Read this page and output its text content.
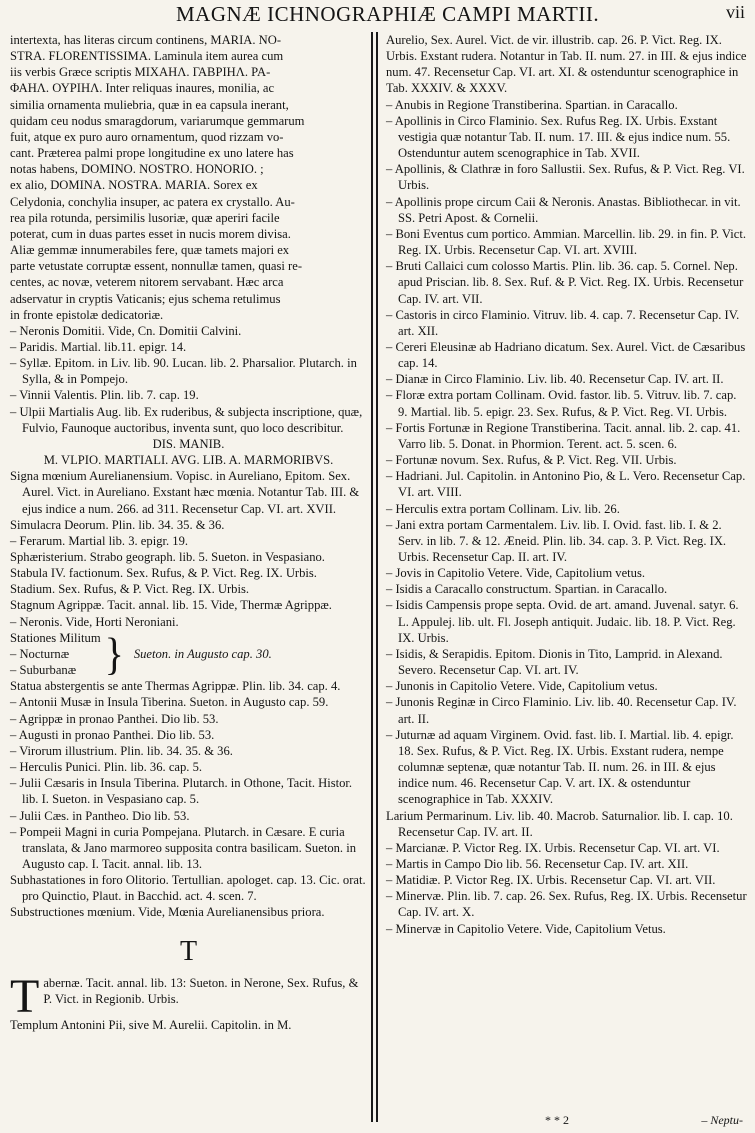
MAGNÆ ICHNOGRAPHIÆ CAMPI MARTII.	vii
intertexta, has literas circum continens, MARIA. NO-
STRA. FLORENTISSIMA. Laminula item aurea cum
iis verbis Græce scriptis ΜΙΧΑΗΛ. ΓΑΒΡΙΗΛ. ΡΑ-
ΦΑΗΛ. ΟΥΡΙΗΛ. Inter reliquas inaures, monilia, ac
similia ornamenta muliebria, quæ in ea capsula inerant,
quidam ceu nodus smaragdorum, variarumque gemmarum
fuit, atque ex puro auro ornamentum, quod rizzam vo-
cant. Præterea palmi prope longitudine ex uno latere has
notas habens, DOMINO. NOSTRO. HONORIO. ;
ex alio, DOMINA. NOSTRA. MARIA. Sorex ex
Celydonia, conchylia insuper, ac patera ex crystallo. Au-
rea pila rotunda, persimilis lusoriæ, quæ aperiri facile
poterat, cum in duas partes esset in nucis morem divisa.
Aliæ gemmæ innumerabiles fere, quæ tamets majori ex
parte vetustate corruptæ essent, nonnullæ tamen, quasi re-
centes, ac novæ, veterem nitorem servabant. Hæc arca
adservatur in cryptis Vaticanis; ejus schema retulimus
in fronte epistolæ dedicatoriæ.
– Neronis Domitii. Vide, Cn. Domitii Calvini.
– Paridis. Martial. lib.11. epigr. 14.
– Syllæ. Epitom. in Liv. lib. 90. Lucan. lib. 2. Pharsalior. Plutarch. in Sylla, & in Pompejo.
– Vinnii Valentis. Plin. lib. 7. cap. 19.
– Ulpii Martialis Aug. lib. Ex ruderibus, & subjecta inscriptione, quæ, Fulvio, Faunoque auctoribus, inventa sunt, quo loco describitur.
DIS. MANIB.
M. VLPIO. MARTIALI. AVG. LIB. A. MARMORIBVS.
Signa mœnium Aurelianensium. Vopisc. in Aureliano, Epitom. Sex. Aurel. Vict. in Aureliano. Exstant hæc mœnia. Notantur Tab. III. & ejus indice a num. 266. ad 311. Recensetur Cap. VI. art. XVII.
Simulacra Deorum. Plin. lib. 34. 35. & 36.
– Ferarum. Martial lib. 3. epigr. 19.
Sphæristerium. Strabo geograph. lib. 5. Sueton. in Vespasiano.
Stabula IV. factionum. Sex. Rufus, & P. Vict. Reg. IX. Urbis.
Stadium. Sex. Rufus, & P. Vict. Reg. IX. Urbis.
Stagnum Agrippæ. Tacit. annal. lib. 15. Vide, Thermæ Agrippæ.
– Neronis. Vide, Horti Neroniani.
Stationes Militum
– Nocturnæ
– Suburbanæ } Sueton. in Augusto cap. 30.
Statua abstergentis se ante Thermas Agrippæ. Plin. lib. 34. cap. 4.
– Antonii Musæ in Insula Tiberina. Sueton. in Augusto cap. 59.
– Agrippæ in pronao Panthei. Dio lib. 53.
– Augusti in pronao Panthei. Dio lib. 53.
– Virorum illustrium. Plin. lib. 34. 35. & 36.
– Herculis Punici. Plin. lib. 36. cap. 5.
– Julii Cæsaris in Insula Tiberina. Plutarch. in Othone, Tacit. Histor. lib. I. Sueton. in Vespasiano cap. 5.
– Julii Cæs. in Pantheo. Dio lib. 53.
– Pompeii Magni in curia Pompejana. Plutarch. in Cæsare. E curia translata, & Jano marmoreo supposita contra basilicam. Sueton. in Augusto cap. I. Tacit. annal. lib. 13.
Subhastationes in foro Olitorio. Tertullian. apologet. cap. 13. Cic. orat. pro Quinctio, Plaut. in Bacchid. act. 4. scen. 7.
Substructiones mœnium. Vide, Mœnia Aurelianensibus priora.
T
Tabernæ. Tacit. annal. lib. 13: Sueton. in Nerone, Sex. Rufus, & P. Vict. in Regionib. Urbis.
Templum Antonini Pii, sive M. Aurelii. Capitolin. in M.
Aurelio, Sex. Aurel. Vict. de vir. illustrib. cap. 26. P. Vict. Reg. IX. Urbis. Exstant rudera. Notantur in Tab. II. num. 27. in III. & ejus indice num. 47. Recensetur Cap. VI. art. XI. & ostenduntur scenographice in Tab. XXXIV. & XXXV.
– Anubis in Regione Transtiberina. Spartian. in Caracallo.
– Apollinis in Circo Flaminio. Sex. Rufus Reg. IX. Urbis. Exstant vestigia quæ notantur Tab. II. num. 17. III. & ejus indice num. 55. Ostenduntur autem scenographice in Tab. XVII.
– Apollinis, & Clathræ in foro Sallustii. Sex. Rufus, & P. Vict. Reg. VI. Urbis.
– Apollinis prope circum Caii & Neronis. Anastas. Bibliothecar. in vit. SS. Petri Apost. & Cornelii.
– Boni Eventus cum portico. Ammian. Marcellin. lib. 29. in fin. P. Vict. Reg. IX. Urbis. Recensetur Cap. VI. art. XVIII.
– Bruti Callaici cum colosso Martis. Plin. lib. 36. cap. 5. Cornel. Nep. apud Priscian. lib. 8. Sex. Ruf. & P. Vict. Reg. IX. Urbis. Recensetur Cap. IV. art. VII.
– Castoris in circo Flaminio. Vitruv. lib. 4. cap. 7. Recensetur Cap. IV. art. XII.
– Cereri Eleusinæ ab Hadriano dicatum. Sex. Aurel. Vict. de Cæsaribus cap. 14.
– Dianæ in Circo Flaminio. Liv. lib. 40. Recensetur Cap. IV. art. II.
– Floræ extra portam Collinam. Ovid. fastor. lib. 5. Vitruv. lib. 7. cap. 9. Martial. lib. 5. epigr. 23. Sex. Rufus, & P. Vict. Reg. VI. Urbis.
– Fortis Fortunæ in Regione Transtiberina. Tacit. annal. lib. 2. cap. 41. Varro lib. 5. Donat. in Phormion. Terent. act. 5. scen. 6.
– Fortunæ novum. Sex. Rufus, & P. Vict. Reg. VII. Urbis.
– Hadriani. Jul. Capitolin. in Antonino Pio, & L. Vero. Recensetur Cap. VI. art. VIII.
– Herculis extra portam Collinam. Liv. lib. 26.
– Jani extra portam Carmentalem. Liv. lib. I. Ovid. fast. lib. I. & 2. Serv. in lib. 7. & 12. Æneid. Plin. lib. 34. cap. 3. P. Vict. Reg. IX. Urbis. Recensetur Cap. II. art. IV.
– Jovis in Capitolio Vetere. Vide, Capitolium vetus.
– Isidis a Caracallo constructum. Spartian. in Caracallo.
– Isidis Campensis prope septa. Ovid. de art. amand. Juvenal. satyr. 6. L. Appulej. lib. ult. Fl. Joseph antiquit. Judaic. lib. 18. P. Vict. Reg. IX. Urbis.
– Isidis, & Serapidis. Epitom. Dionis in Tito, Lamprid. in Alexand. Severo. Recensetur Cap. VI. art. IV.
– Junonis in Capitolio Vetere. Vide, Capitolium vetus.
– Junonis Reginæ in Circo Flaminio. Liv. lib. 40. Recensetur Cap. IV. art. II.
– Juturnæ ad aquam Virginem. Ovid. fast. lib. I. Martial. lib. 4. epigr. 18. Sex. Rufus, & P. Vict. Reg. IX. Urbis. Exstant rudera, nempe columnæ septenæ, quæ notantur Tab. II. num. 26. in III. & ejus indice num. 46. Recensetur Cap. V. art. IX. & ostenduntur scenographice in Tab. XXXIV.
Larium Permarinum. Liv. lib. 40. Macrob. Saturnalior. lib. I. cap. 10. Recensetur Cap. IV. art. II.
– Marcianæ. P. Victor Reg. IX. Urbis. Recensetur Cap. VI. art. VI.
– Martis in Campo Dio lib. 56. Recensetur Cap. IV. art. XII.
– Matidiæ. P. Victor Reg. IX. Urbis. Recensetur Cap. VI. art. VII.
– Minervæ. Plin. lib. 7. cap. 26. Sex. Rufus, Reg. IX. Urbis. Recensetur Cap. IV. art. X.
– Minervæ in Capitolio Vetere. Vide, Capitolium Vetus.
* * 2	– Neptu-
